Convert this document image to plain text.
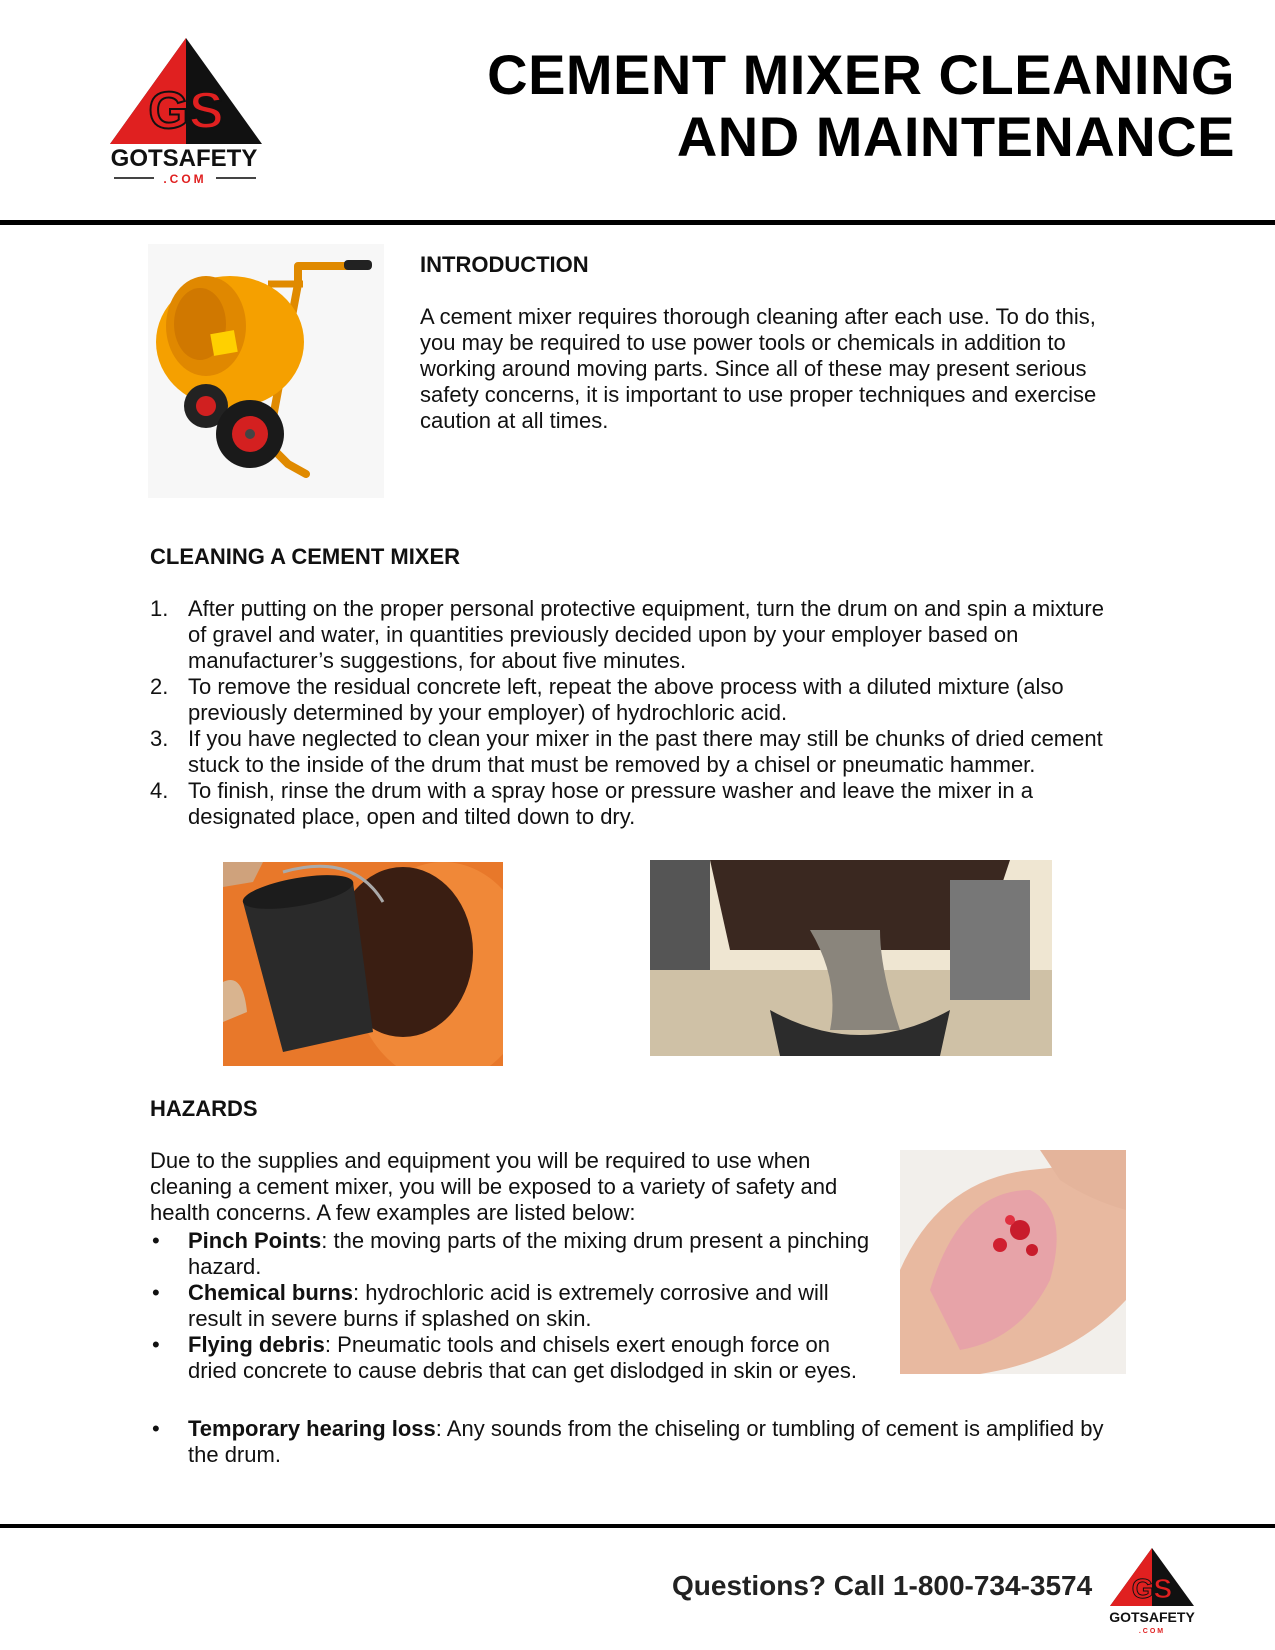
GS
GOTSAFETY
.COM
CEMENT MIXER CLEANING
AND MAINTENANCE
INTRODUCTION
A cement mixer requires thorough cleaning after each use. To do this, you may be required to use power tools or chemicals in addition to working around moving parts. Since all of these may present serious safety concerns, it is important to use proper techniques and exercise caution at all times.
CLEANING A CEMENT MIXER
1. After putting on the proper personal protective equipment, turn the drum on and spin a mixture of gravel and water, in quantities previously decided upon by your employer based on manufacturer’s suggestions, for about five minutes.
2. To remove the residual concrete left, repeat the above process with a diluted mixture (also previously determined by your employer) of hydrochloric acid.
3. If you have neglected to clean your mixer in the past there may still be chunks of dried cement stuck to the inside of the drum that must be removed by a chisel or pneumatic hammer.
4. To finish, rinse the drum with a spray hose or pressure washer and leave the mixer in a designated place, open and tilted down to dry.
HAZARDS
Due to the supplies and equipment you will be required to use when cleaning a cement mixer, you will be exposed to a variety of safety and health concerns. A few examples are listed below:
• Pinch Points: the moving parts of the mixing drum present a pinching hazard.
• Chemical burns: hydrochloric acid is extremely corrosive and will result in severe burns if splashed on skin.
• Flying debris: Pneumatic tools and chisels exert enough force on dried concrete to cause debris that can get dislodged in skin or eyes.
• Temporary hearing loss: Any sounds from the chiseling or tumbling of cement is amplified by the drum.
Questions? Call 1-800-734-3574 GS
GOTSAFETY
.COM
